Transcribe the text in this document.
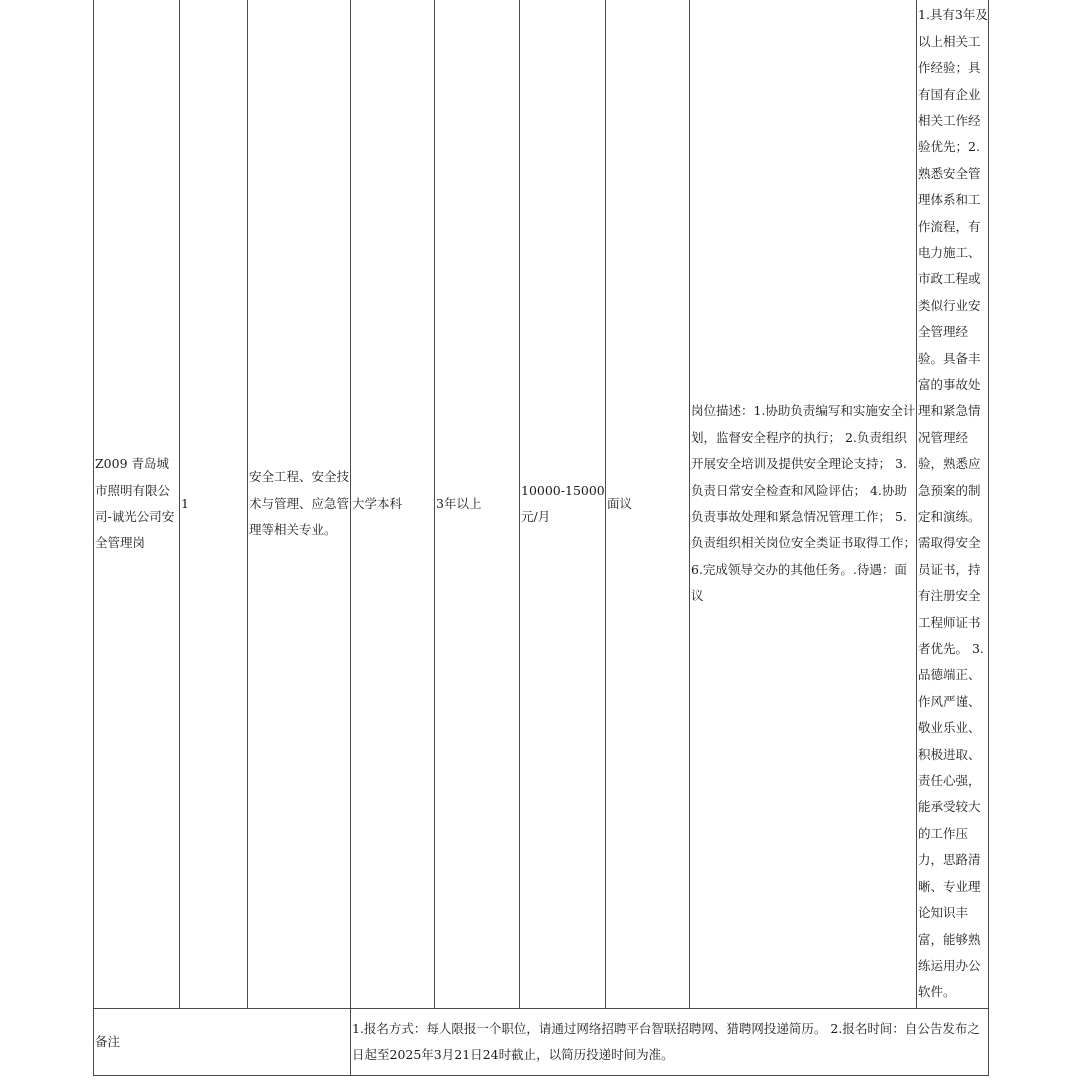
Z009 青岛城市照明有限公司-诚光公司安全管理岗	1	安全工程、安全技术与管理、应急管理等相关专业。	大学本科	3年以上	10000-15000元/月	面议	岗位描述：1.协助负责编写和实施安全计划，监督安全程序的执行； 2.负责组织开展安全培训及提供安全理论支持； 3.负责日常安全检查和风险评估； 4.协助负责事故处理和紧急情况管理工作； 5.负责组织相关岗位安全类证书取得工作； 6.完成领导交办的其他任务。.待遇：面议	1.具有3年及以上相关工作经验；具有国有企业相关工作经验优先；2.熟悉安全管理体系和工作流程，有电力施工、市政工程或类似行业安全管理经验。具备丰富的事故处理和紧急情况管理经验，熟悉应急预案的制定和演练。需取得安全员证书，持有注册安全工程师证书者优先。 3.品德端正、作风严谨、敬业乐业、积极进取、责任心强，能承受较大的工作压力，思路清晰、专业理论知识丰富，能够熟练运用办公软件。

备注			1.报名方式：每人限报一个职位，请通过网络招聘平台智联招聘网、猎聘网投递简历。 2.报名时间：自公告发布之日起至2025年3月21日24时截止，以简历投递时间为准。					
